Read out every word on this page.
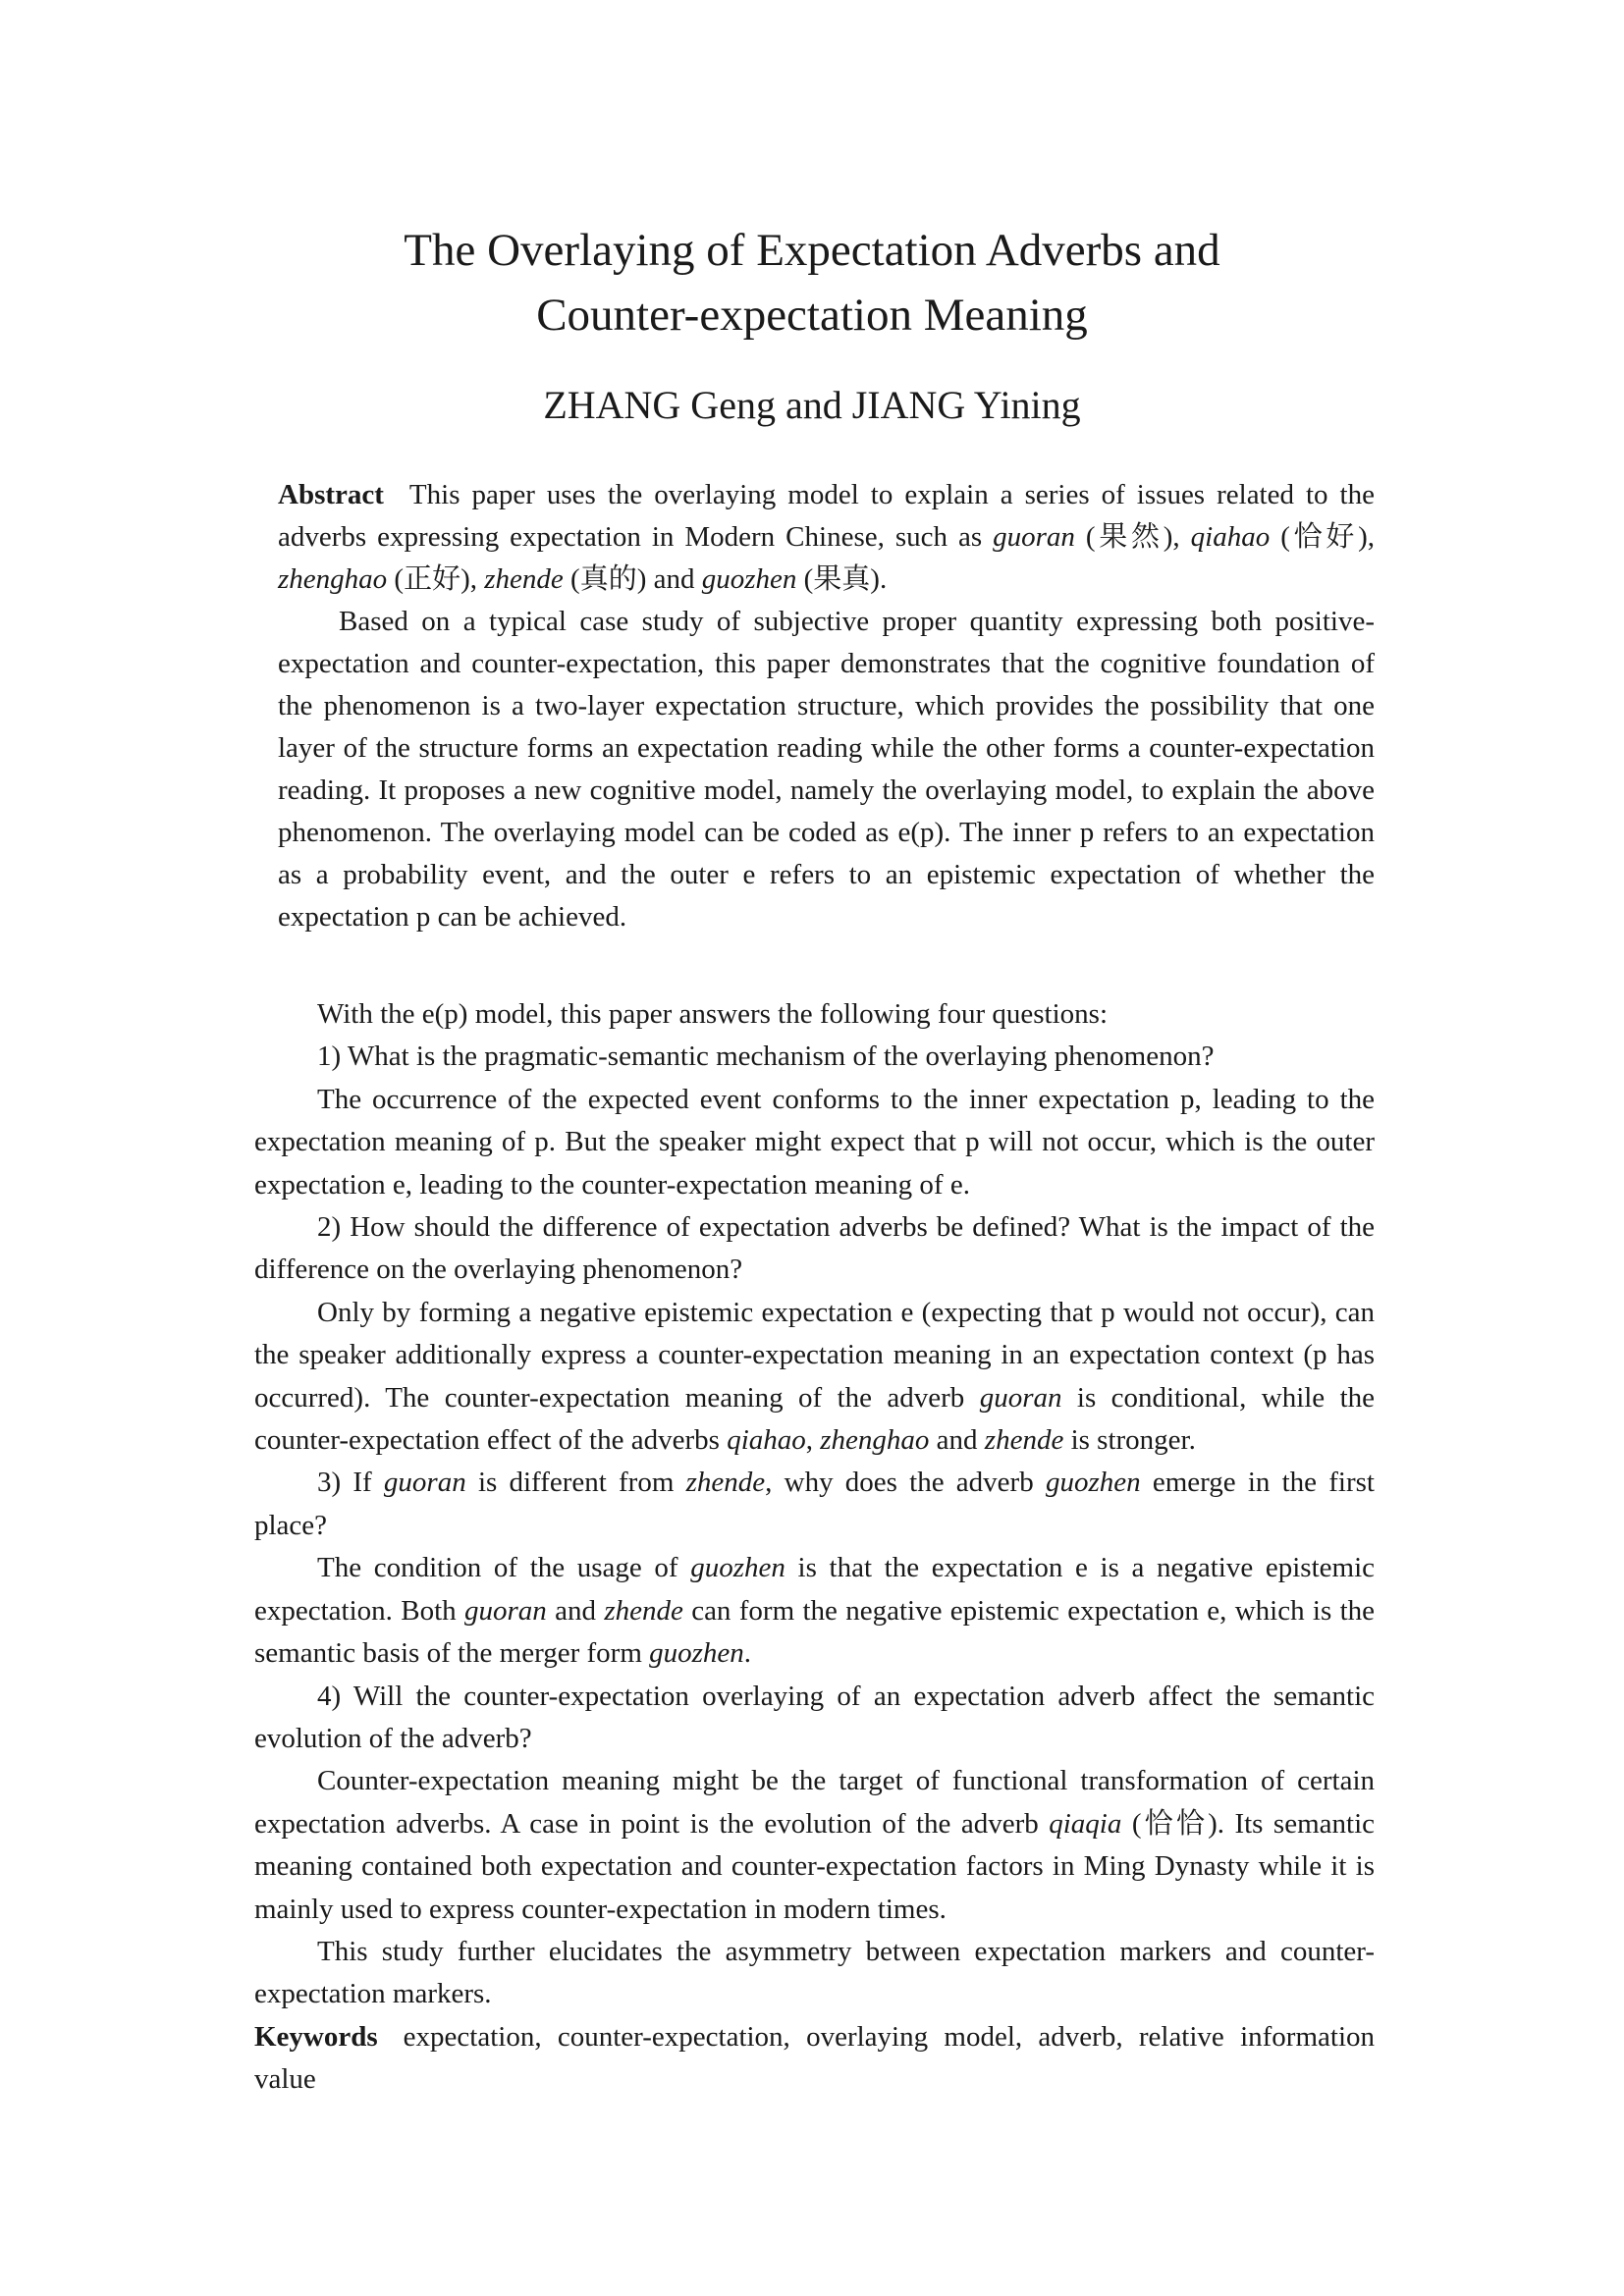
The Overlaying of Expectation Adverbs and
Counter-expectation Meaning
ZHANG Geng and JIANG Yining

Abstract This paper uses the overlaying model to explain a series of issues related to the adverbs expressing expectation in Modern Chinese, such as guoran (果然), qiahao (恰好), zhenghao (正好), zhende (真的) and guozhen (果真).

Based on a typical case study of subjective proper quantity expressing both positive-expectation and counter-expectation, this paper demonstrates that the cognitive foundation of the phenomenon is a two-layer expectation structure, which provides the possibility that one layer of the structure forms an expectation reading while the other forms a counter-expectation reading. It proposes a new cognitive model, namely the overlaying model, to explain the above phenomenon. The overlaying model can be coded as e(p). The inner p refers to an expectation as a probability event, and the outer e refers to an epistemic expectation of whether the expectation p can be achieved.

With the e(p) model, this paper answers the following four questions:

1) What is the pragmatic-semantic mechanism of the overlaying phenomenon?

The occurrence of the expected event conforms to the inner expectation p, leading to the expectation meaning of p. But the speaker might expect that p will not occur, which is the outer expectation e, leading to the counter-expectation meaning of e.

2) How should the difference of expectation adverbs be defined? What is the impact of the difference on the overlaying phenomenon?

Only by forming a negative epistemic expectation e (expecting that p would not occur), can the speaker additionally express a counter-expectation meaning in an expectation context (p has occurred). The counter-expectation meaning of the adverb guoran is conditional, while the counter-expectation effect of the adverbs qiahao, zhenghao and zhende is stronger.

3) If guoran is different from zhende, why does the adverb guozhen emerge in the first place?

The condition of the usage of guozhen is that the expectation e is a negative epistemic expectation. Both guoran and zhende can form the negative epistemic expectation e, which is the semantic basis of the merger form guozhen.

4) Will the counter-expectation overlaying of an expectation adverb affect the semantic evolution of the adverb?

Counter-expectation meaning might be the target of functional transformation of certain expectation adverbs. A case in point is the evolution of the adverb qiaqia (恰恰). Its semantic meaning contained both expectation and counter-expectation factors in Ming Dynasty while it is mainly used to express counter-expectation in modern times.

This study further elucidates the asymmetry between expectation markers and counter-expectation markers.

Keywords expectation, counter-expectation, overlaying model, adverb, relative information value
